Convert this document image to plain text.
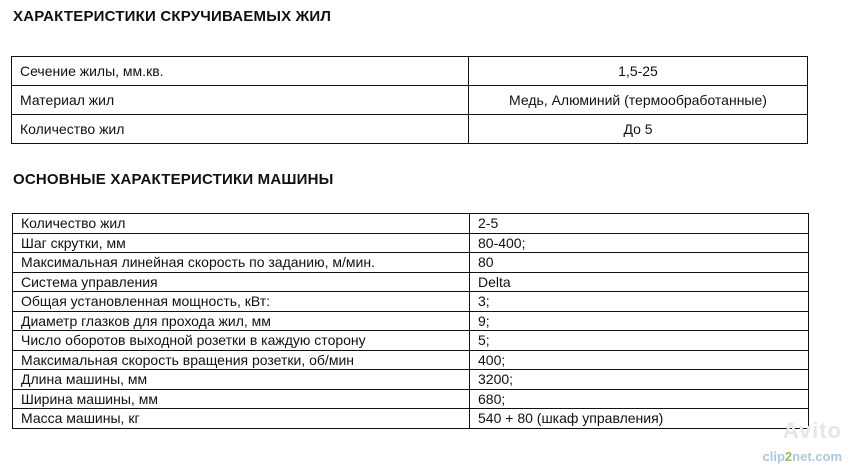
ХАРАКТЕРИСТИКИ СКРУЧИВАЕМЫХ ЖИЛ
Сечение жилы, мм.кв.	1,5-25
Материал жил	Медь, Алюминий (термообработанные)
Количество жил	До 5
ОСНОВНЫЕ ХАРАКТЕРИСТИКИ МАШИНЫ
Количество жил	2-5
Шаг скрутки, мм	80-400;
Максимальная линейная скорость по заданию, м/мин.	80
Система управления	Delta
Общая установленная мощность, кВт:	3;
Диаметр глазков для прохода жил, мм	9;
Число оборотов выходной розетки в каждую сторону	5;
Максимальная скорость вращения розетки, об/мин	400;
Длина машины, мм	3200;
Ширина машины, мм	680;
Масса машины, кг	540 + 80 (шкаф управления)	Avito
clip2net.com
